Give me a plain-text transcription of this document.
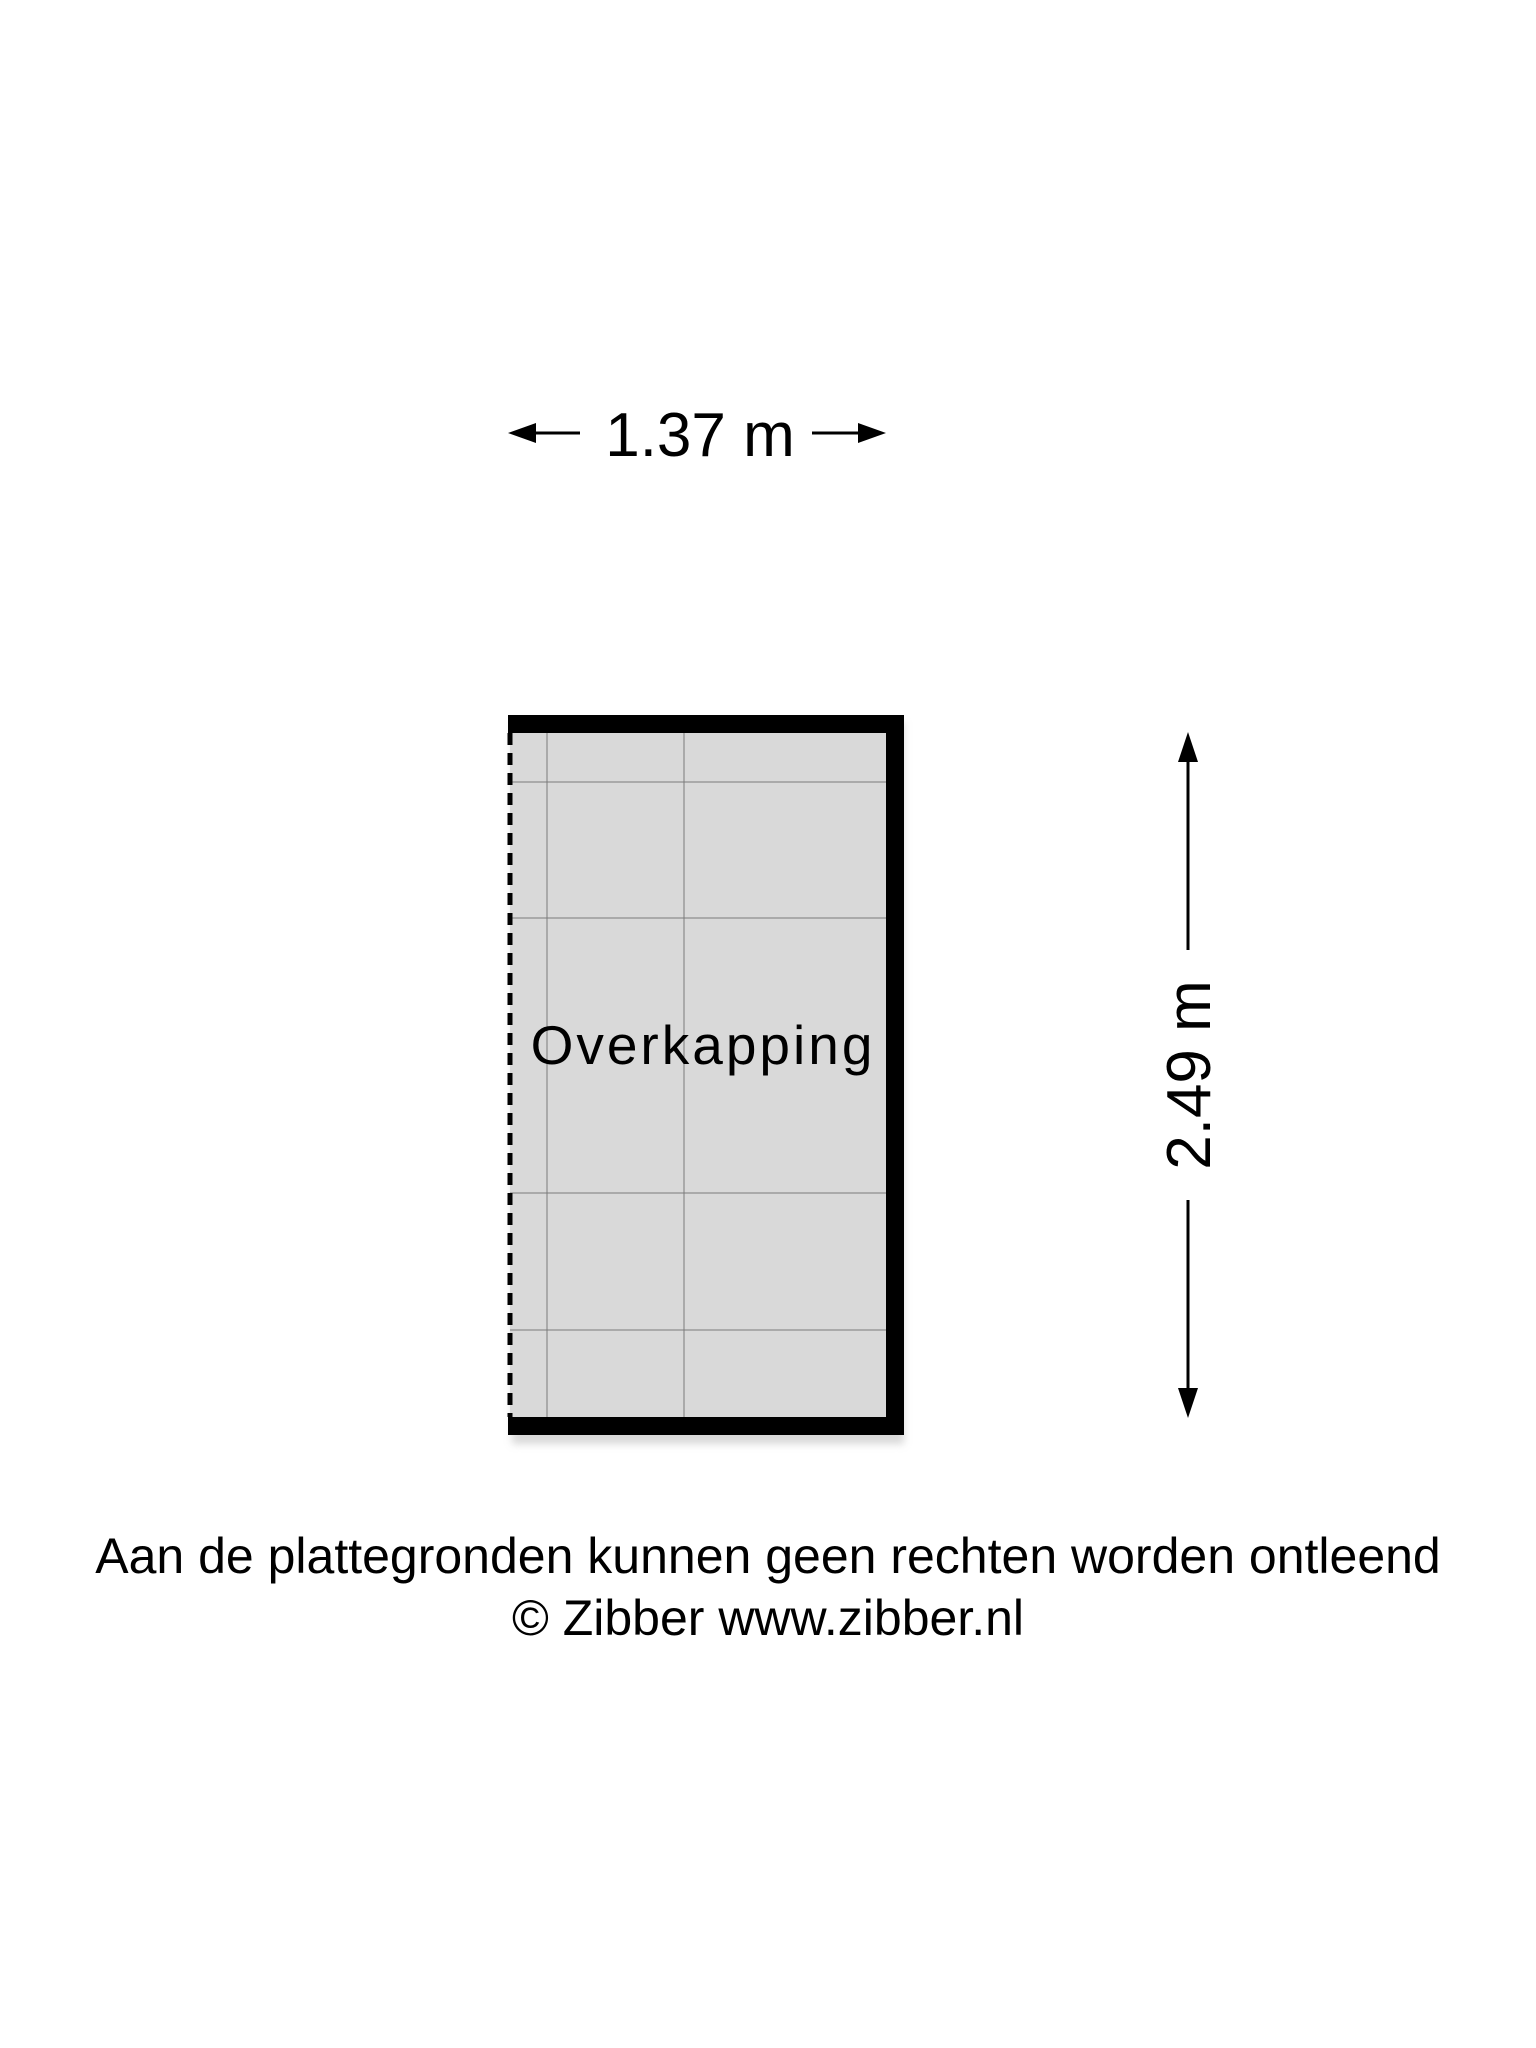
1.37 m
Overkapping	2.49 m
Aan de plattegronden kunnen geen rechten worden ontleend
© Zibber www.zibber.nl
